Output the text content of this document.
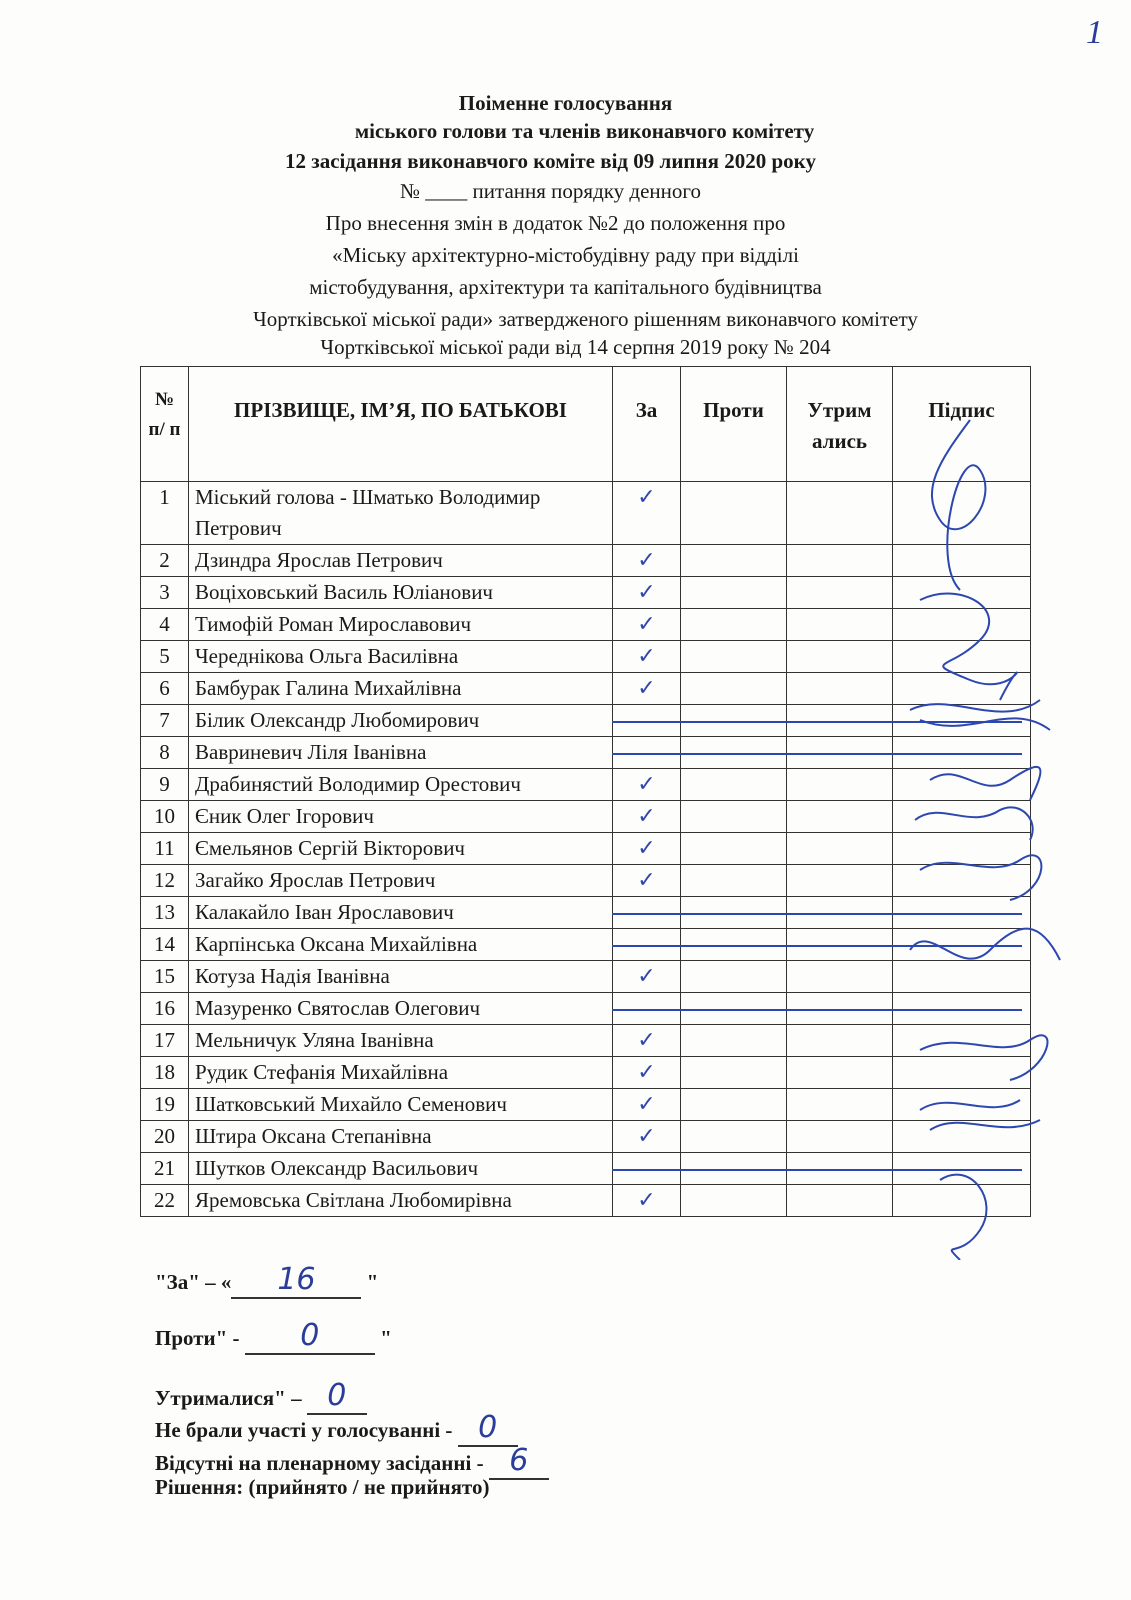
1
Поіменне голосування
міського голови та членів виконавчого комітету
12 засідання виконавчого коміте від 09 липня 2020 року
№ ____ питання порядку денного
Про внесення змін в додаток №2 до положення про
«Міську архітектурно-містобудівну раду при відділі
містобудування, архітектури та капітального будівництва
Чортківської міської ради» затвердженого рішенням виконавчого комітету
Чортківської міської ради від 14 серпня 2019 року № 204
№ п/ п	ПРІЗВИЩЕ, ІМ’Я, ПО БАТЬКОВІ	За	Проти	Утрим ались	Підпис
1	Міський голова - Шматько Володимир Петрович	✓			

2	Дзиндра Ярослав Петрович	✓			

3	Воціховський Василь Юліанович	✓			

4	Тимофій Роман Мирославович	✓			

5	Череднікова Ольга Василівна	✓			

6	Бамбурак Галина Михайлівна	✓			

7	Білик Олександр Любомирович				
8	Вавриневич Ліля Іванівна				
9	Драбинястий Володимир Орестович	✓			

10	Єник Олег Ігорович	✓			

11	Ємельянов Сергій Вікторович	✓			

12	Загайко Ярослав Петрович	✓			

13	Калакайло Іван Ярославович				
14	Карпінська Оксана Михайлівна				
15	Котуза Надія Іванівна	✓			

16	Мазуренко Святослав Олегович				
17	Мельничук Уляна Іванівна	✓			

18	Рудик Стефанія Михайлівна	✓			

19	Шатковський Михайло Семенович	✓			

20	Штира Оксана Степанівна	✓			

21	Шутков Олександр Васильович				
22	Яремовська Світлана Любомирівна	✓			

"За" – « 16 "
Проти" - 0	"
Утрималися" – 0
Не брали участі у голосуванні - 0
Відсутні на пленарному засіданні - 6
Рішення: (прийнято / не прийнято)
